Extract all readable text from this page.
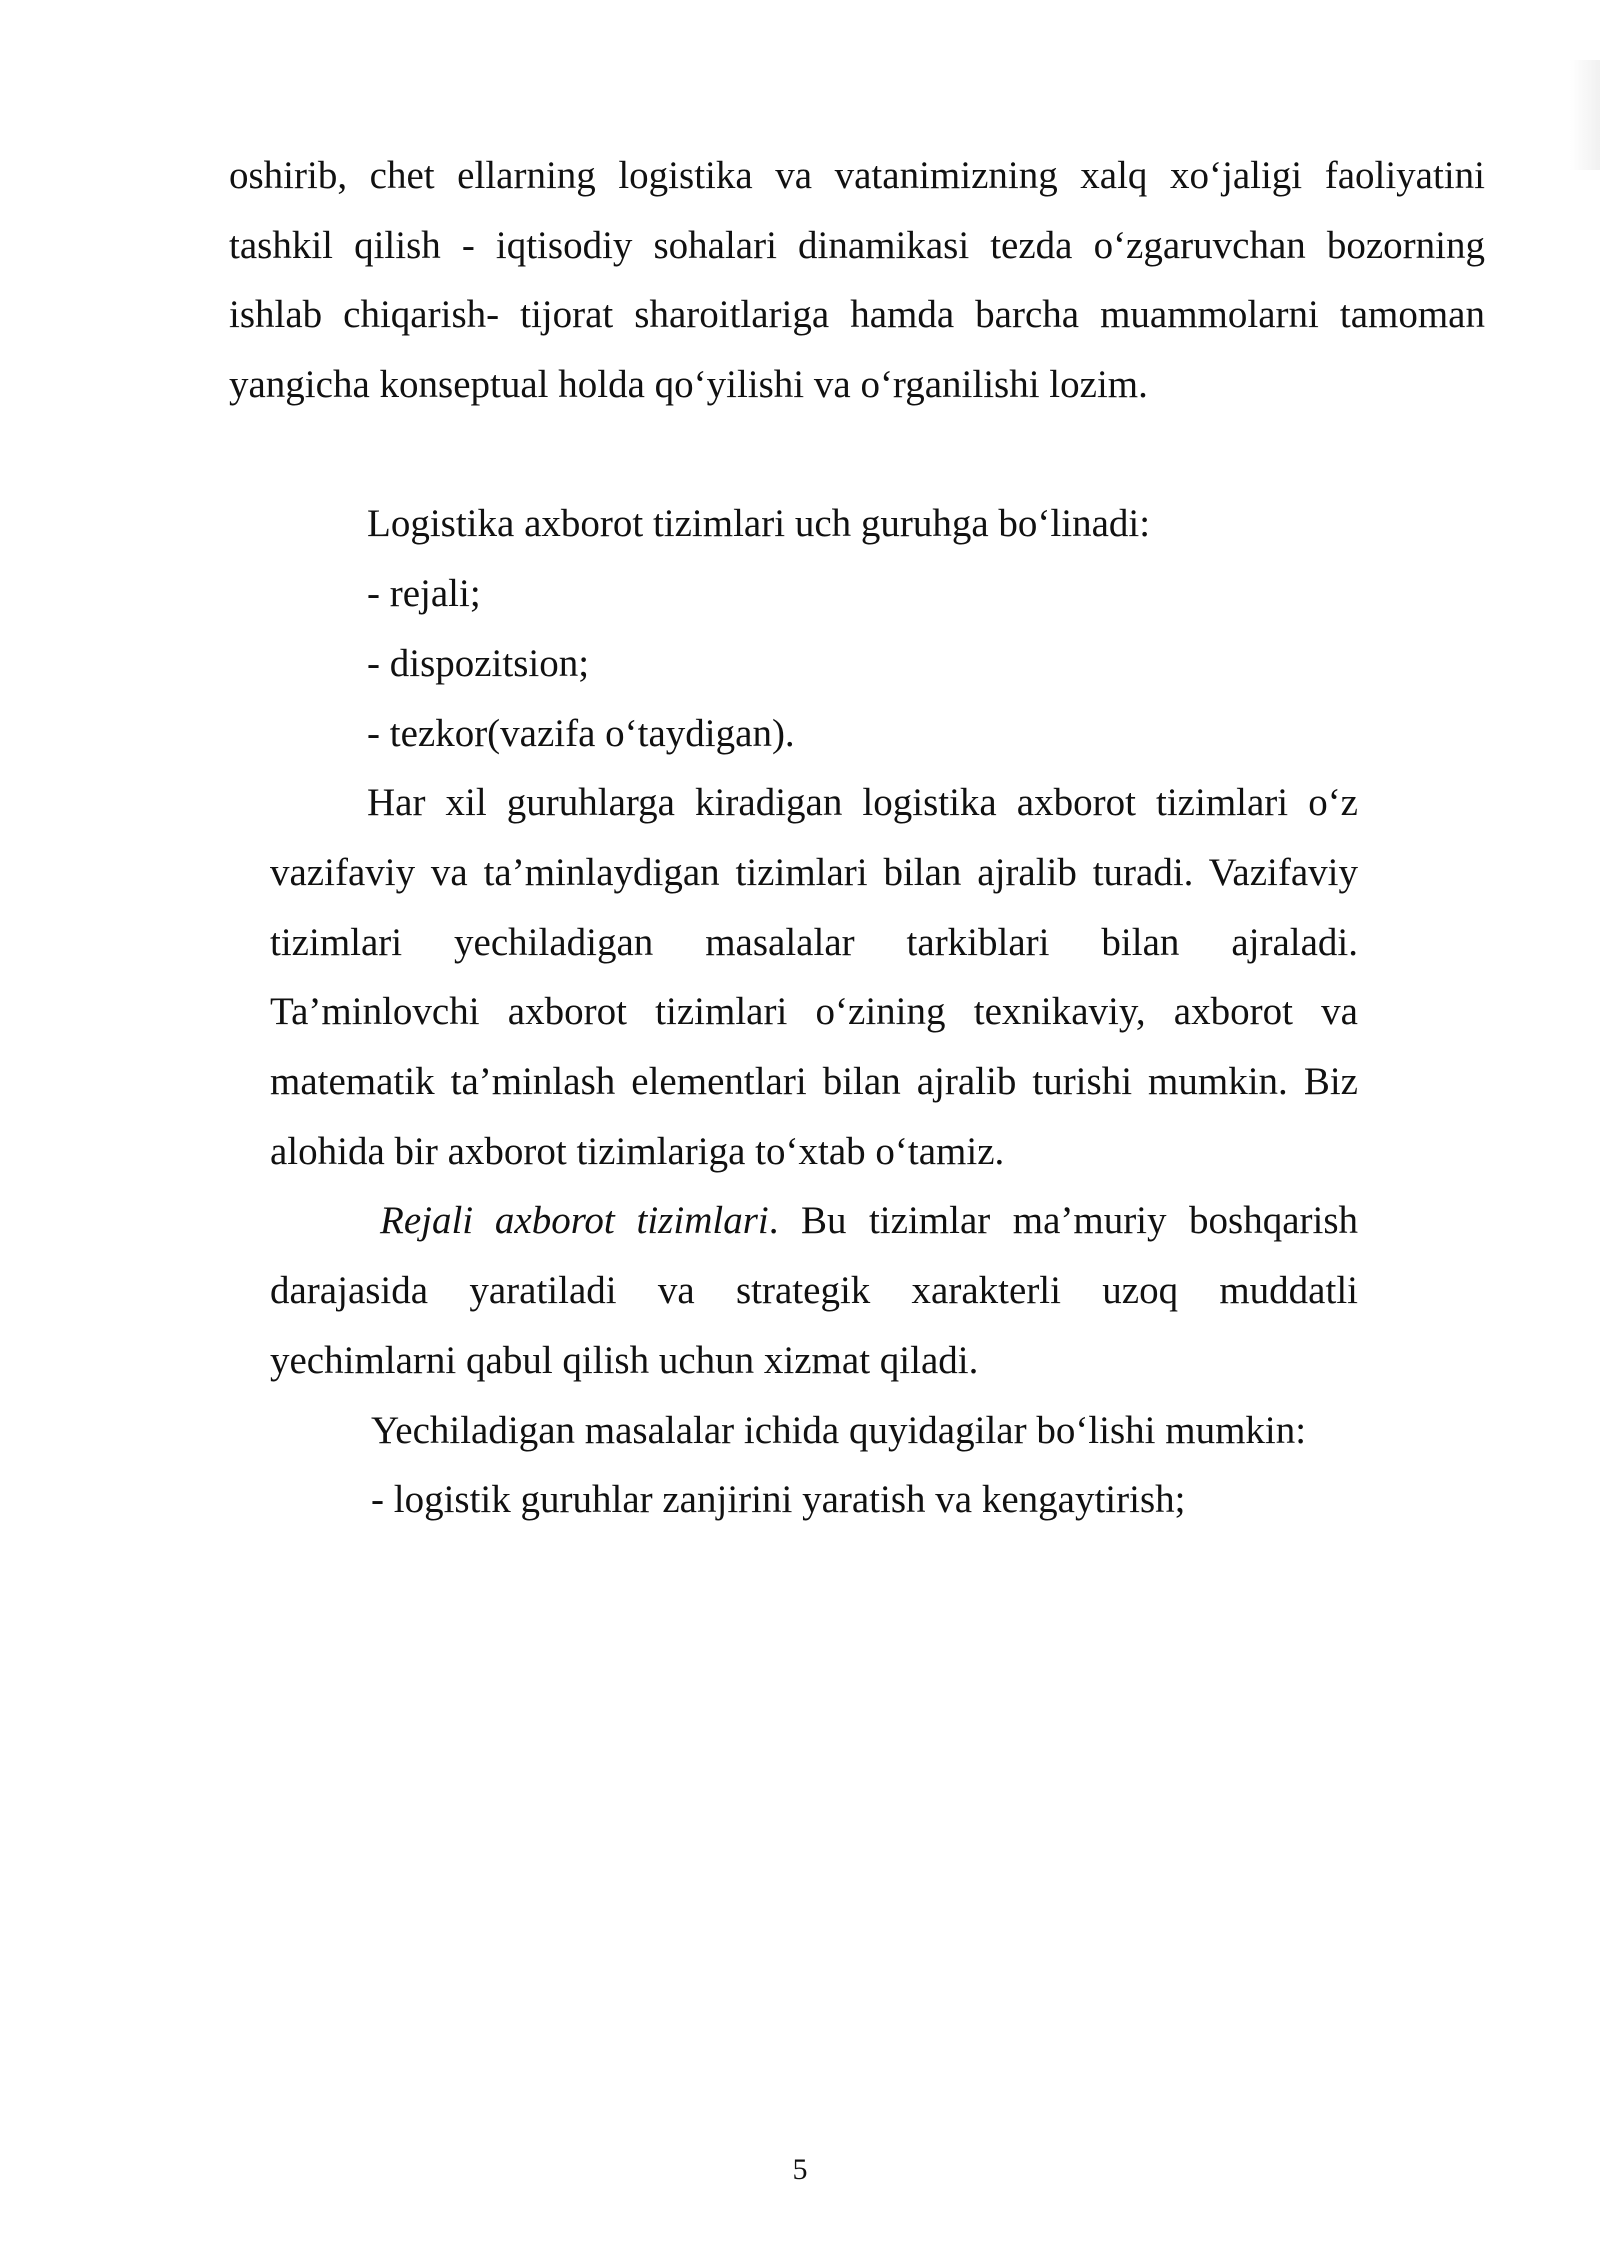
oshirib, chet ellarning logistika va vatanimizning xalq xo‘jaligi faoliyatini
tashkil qilish - iqtisodiy sohalari dinamikasi tezda o‘zgaruvchan bozorning
ishlab chiqarish- tijorat sharoitlariga hamda barcha muammolarni tamoman
yangicha konseptual holda qo‘yilishi va o‘rganilishi lozim.
Logistika axborot tizimlari uch guruhga bo‘linadi:
- rejali;
- dispozitsion;
- tezkor(vazifa o‘taydigan).
Har xil guruhlarga kiradigan logistika axborot tizimlari o‘z
vazifaviy va ta’minlaydigan tizimlari bilan ajralib turadi. Vazifaviy
tizimlari yechiladigan masalalar tarkiblari bilan ajraladi.
Ta’minlovchi axborot tizimlari o‘zining texnikaviy, axborot va
matematik ta’minlash elementlari bilan ajralib turishi mumkin. Biz
alohida bir axborot tizimlariga to‘xtab o‘tamiz.
Rejali axborot tizimlari . Bu tizimlar ma’muriy boshqarish
darajasida yaratiladi va strategik xarakterli uzoq muddatli
yechimlarni qabul qilish uchun xizmat qiladi.
Yechiladigan masalalar ichida quyidagilar bo‘lishi mumkin:
- logistik guruhlar zanjirini yaratish va kengaytirish;
5
